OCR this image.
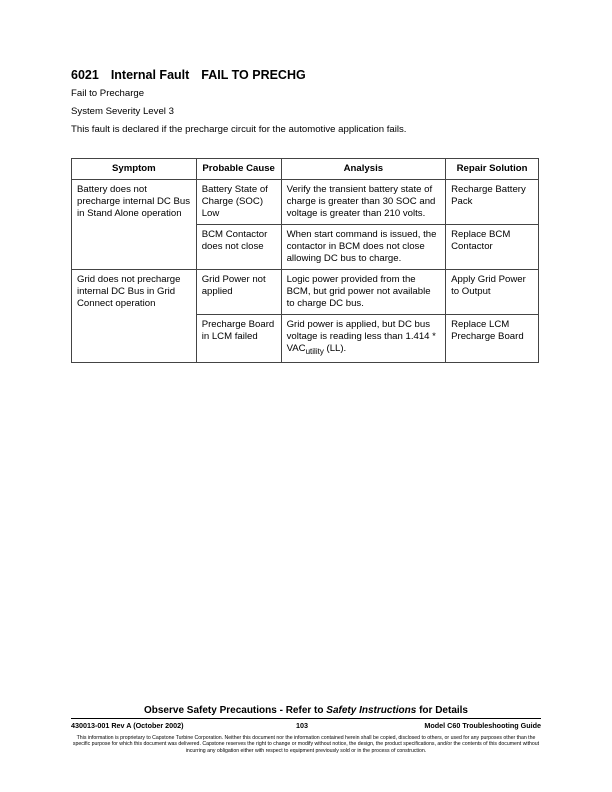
6021 Internal Fault FAIL TO PRECHG
Fail to Precharge
System Severity Level 3
This fault is declared if the precharge circuit for the automotive application fails.
Symptom	Probable Cause	Analysis	Repair Solution
Battery does not precharge internal DC Bus in Stand Alone operation	Battery State of Charge (SOC) Low	Verify the transient battery state of charge is greater than 30 SOC and voltage is greater than 210 volts.	Recharge Battery Pack
	BCM Contactor does not close	When start command is issued, the contactor in BCM does not close allowing DC bus to charge.	Replace BCM Contactor
Grid does not precharge internal DC Bus in Grid Connect operation	Grid Power not applied	Logic power provided from the BCM, but grid power not available to charge DC bus.	Apply Grid Power to Output
	Precharge Board in LCM failed	Grid power is applied, but DC bus voltage is reading less than $1.414 * VAC_{utility}$ (LL).	Replace LCM Precharge Board
Observe Safety Precautions - Refer to Safety Instructions for Details
430013-001 Rev A (October 2002)	103	Model C60 Troubleshooting Guide
This information is proprietary to Capstone Turbine Corporation. Neither this document nor the information contained herein shall be copied, disclosed to others, or used for any purposes other than the specific purpose for which this document was delivered. Capstone reserves the right to change or modify without notice, the design, the product specifications, and/or the contents of this document without incurring any obligation either with respect to equipment previously sold or in the process of construction.
